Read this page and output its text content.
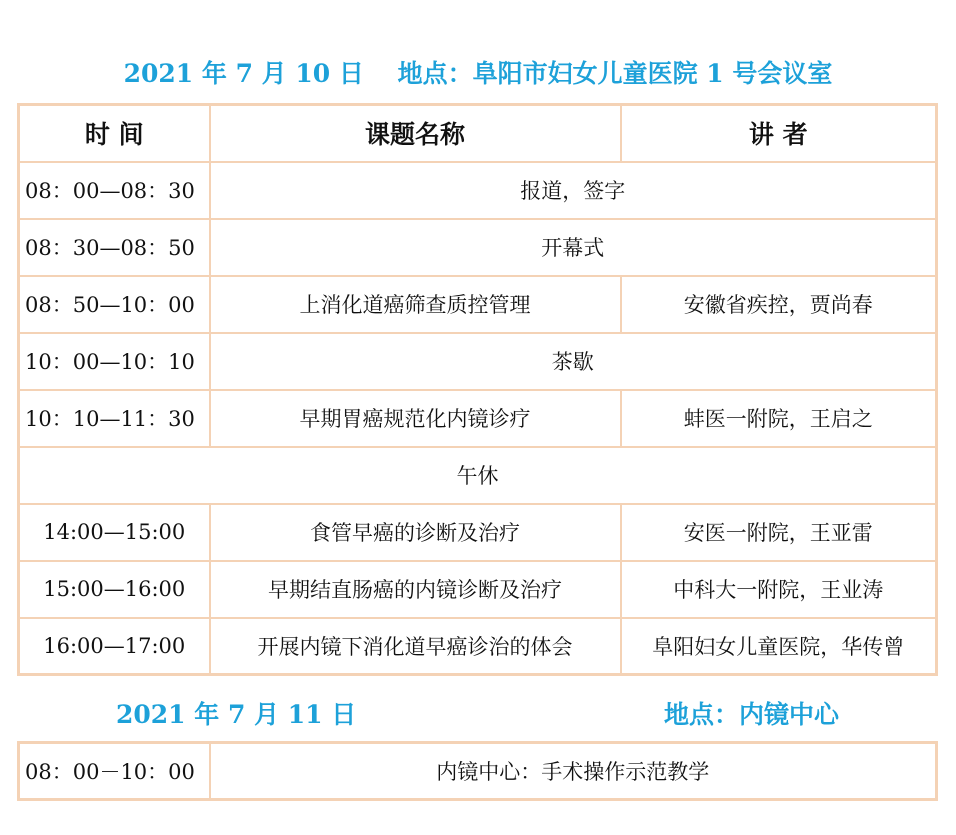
2021 年 7 月 10 日　 地点：阜阳市妇女儿童医院 1 号会议室
时 间	课题名称	讲 者
08：00—08：30	报道，签字	
08：30—08：50	开幕式	
08：50—10：00	上消化道癌筛查质控管理	安徽省疾控，贾尚春
10：00—10：10	茶歇	
10：10—11：30	早期胃癌规范化内镜诊疗	蚌医一附院，王启之
午休		
14:00—15:00	食管早癌的诊断及治疗	安医一附院，王亚雷
15:00—16:00	早期结直肠癌的内镜诊断及治疗	中科大一附院，王业涛
16:00—17:00	开展内镜下消化道早癌诊治的体会	阜阳妇女儿童医院，华传曾
2021 年 7 月 11 日	地点：内镜中心
08：00－10：00	内镜中心：手术操作示范教学
